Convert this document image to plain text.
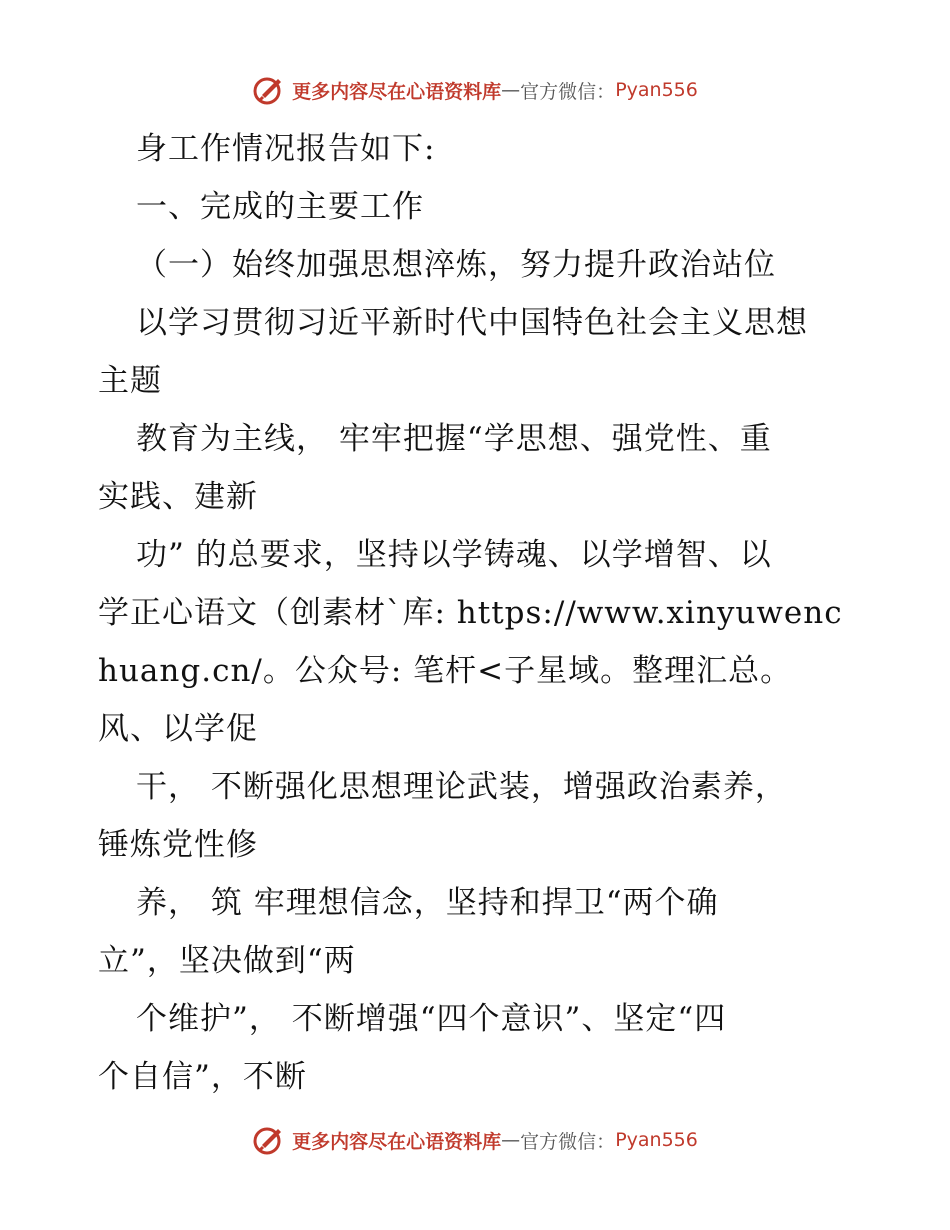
更多内容尽在心语资料库 — 官方微信： Pyan556
身工作情况报告如下:
一、完成的主要工作
（一）始终加强思想淬炼，努力提升政治站位
以学习贯彻习近平新时代中国特色社会主义思想
主题
教育为主线， 牢牢把握“学思想、强党性、重
实践、建新
功” 的总要求，坚持以学铸魂、以学增智、以
学正心语文（创素材`库: https://www.xinyuwenc
huang.cn/。公众号: 笔杆<子星域。整理汇总。
风、以学促
干， 不断强化思想理论武装，增强政治素养，
锤炼党性修
养， 筑 牢理想信念，坚持和捍卫“两个确
立”，坚决做到“两
个维护”， 不断增强“四个意识”、坚定“四
个自信”，不断
更多内容尽在心语资料库 — 官方微信： Pyan556
